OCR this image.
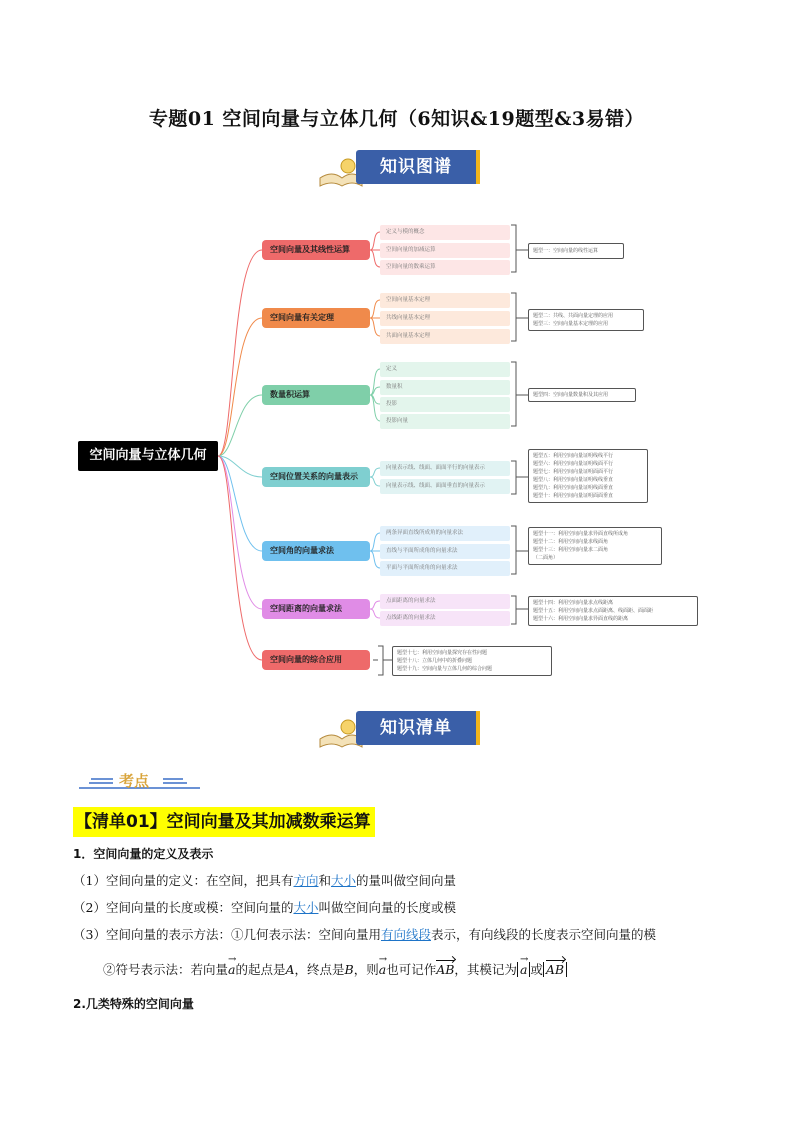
专题01 空间向量与立体几何（6知识&19题型&3易错）
知识图谱
空间向量与立体几何
空间向量及其线性运算
空间向量有关定理
数量积运算
空间位置关系的向量表示
空间角的向量求法
空间距离的向量求法
空间向量的综合应用
定义与模的概念
空间向量的加减运算
空间向量的数乘运算
空间向量基本定理
共线向量基本定理
共面向量基本定理
定义
数量积
投影
投影向量
向量表示线、线面、面面平行的向量表示
向量表示线、线面、面面垂直的向量表示
两条异面直线所成角的向量求法
直线与平面所成角的向量求法
平面与平面所成角的向量求法
点面距离的向量求法
点线距离的向量求法
题型一：空间向量的线性运算
题型二：共线、共面向量定理的应用
题型三：空间向量基本定理的应用
题型四：空间向量数量积及其应用
题型五：利用空间向量证明线线平行
题型六：利用空间向量证明线面平行
题型七：利用空间向量证明面面平行
题型八：利用空间向量证明线线垂直
题型九：利用空间向量证明线面垂直
题型十：利用空间向量证明面面垂直
题型十一：利用空间向量求异面直线所成角
题型十二：利用空间向量求线面角
题型十三：利用空间向量求二面角
（二面角）
题型十四：利用空间向量求点线距离
题型十五：利用空间向量求点面距离、线面距、面面距
题型十六：利用空间向量求异面直线的距离
题型十七：利用空间向量探究存在性问题
题型十八：立体几何中的折叠问题
题型十九：空间向量与立体几何的综合问题
知识清单
考点
【清单01】空间向量及其加减数乘运算
1．空间向量的定义及表示
（1）空间向量的定义：在空间，把具有方向和大小的量叫做空间向量
（2）空间向量的长度或模：空间向量的大小叫做空间向量的长度或模
（3）空间向量的表示方法：①几何表示法：空间向量用有向线段表示，有向线段的长度表示空间向量的模
②符号表示法：若向量→ a的起点是A，终点是B，则→ a也可记作AB，其模记为→ a 或 AB
2.几类特殊的空间向量
